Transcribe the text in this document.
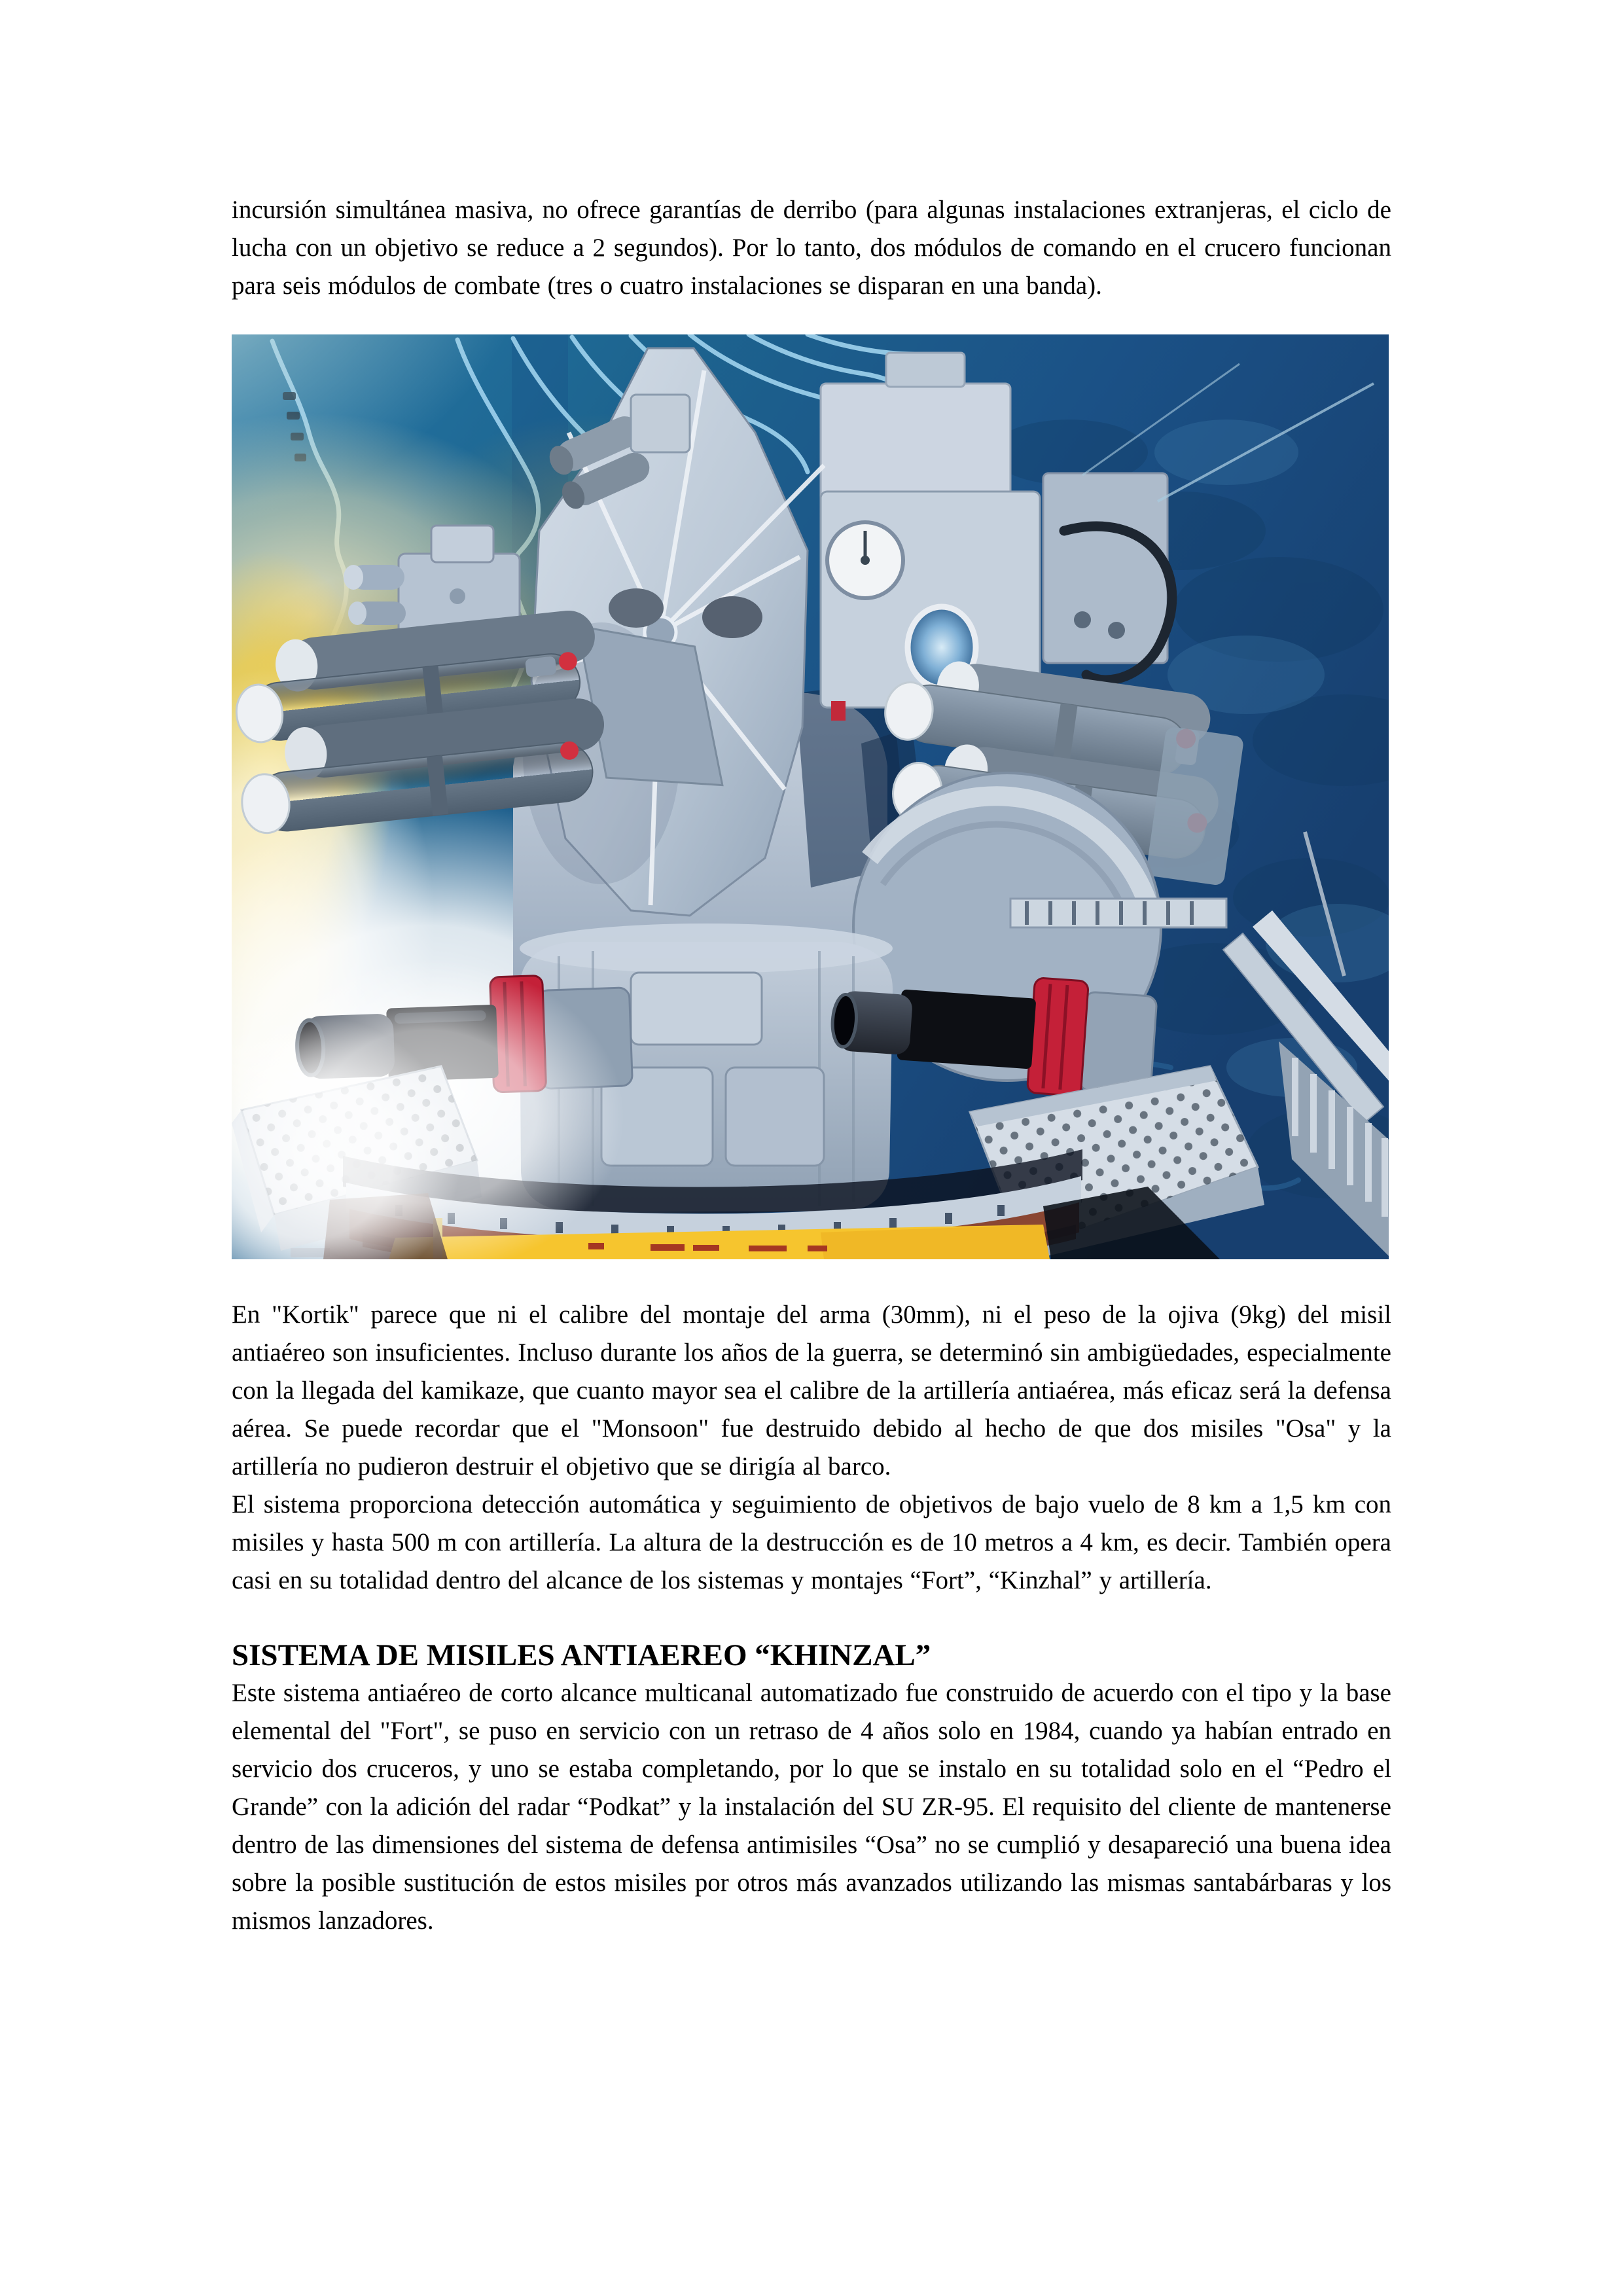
incursión simultánea masiva, no ofrece garantías de derribo (para algunas instalaciones extranjeras, el ciclo de lucha con un objetivo se reduce a 2 segundos). Por lo tanto, dos módulos de comando en el crucero funcionan para seis módulos de combate (tres o cuatro instalaciones se disparan en una banda).

En "Kortik" parece que ni el calibre del montaje del arma (30mm), ni el peso de la ojiva (9kg) del misil antiaéreo son insuficientes. Incluso durante los años de la guerra, se determinó sin ambigüedades, especialmente con la llegada del kamikaze, que cuanto mayor sea el calibre de la artillería antiaérea, más eficaz será la defensa aérea. Se puede recordar que el "Monsoon" fue destruido debido al hecho de que dos misiles "Osa" y la artillería no pudieron destruir el objetivo que se dirigía al barco.

El sistema proporciona detección automática y seguimiento de objetivos de bajo vuelo de 8 km a 1,5 km con misiles y hasta 500 m con artillería. La altura de la destrucción es de 10 metros a 4 km, es decir. También opera casi en su totalidad dentro del alcance de los sistemas y montajes “Fort”, “Kinzhal” y artillería.

SISTEMA DE MISILES ANTIAEREO “KHINZAL”

Este sistema antiaéreo de corto alcance multicanal automatizado fue construido de acuerdo con el tipo y la base elemental del "Fort", se puso en servicio con un retraso de 4 años solo en 1984, cuando ya habían entrado en servicio dos cruceros, y uno se estaba completando, por lo que se instalo en su totalidad solo en el “Pedro el Grande” con la adición del radar “Podkat” y la instalación del SU ZR-95. El requisito del cliente de mantenerse dentro de las dimensiones del sistema de defensa antimisiles “Osa” no se cumplió y desapareció una buena idea sobre la posible sustitución de estos misiles por otros más avanzados utilizando las mismas santabárbaras y los mismos lanzadores.
